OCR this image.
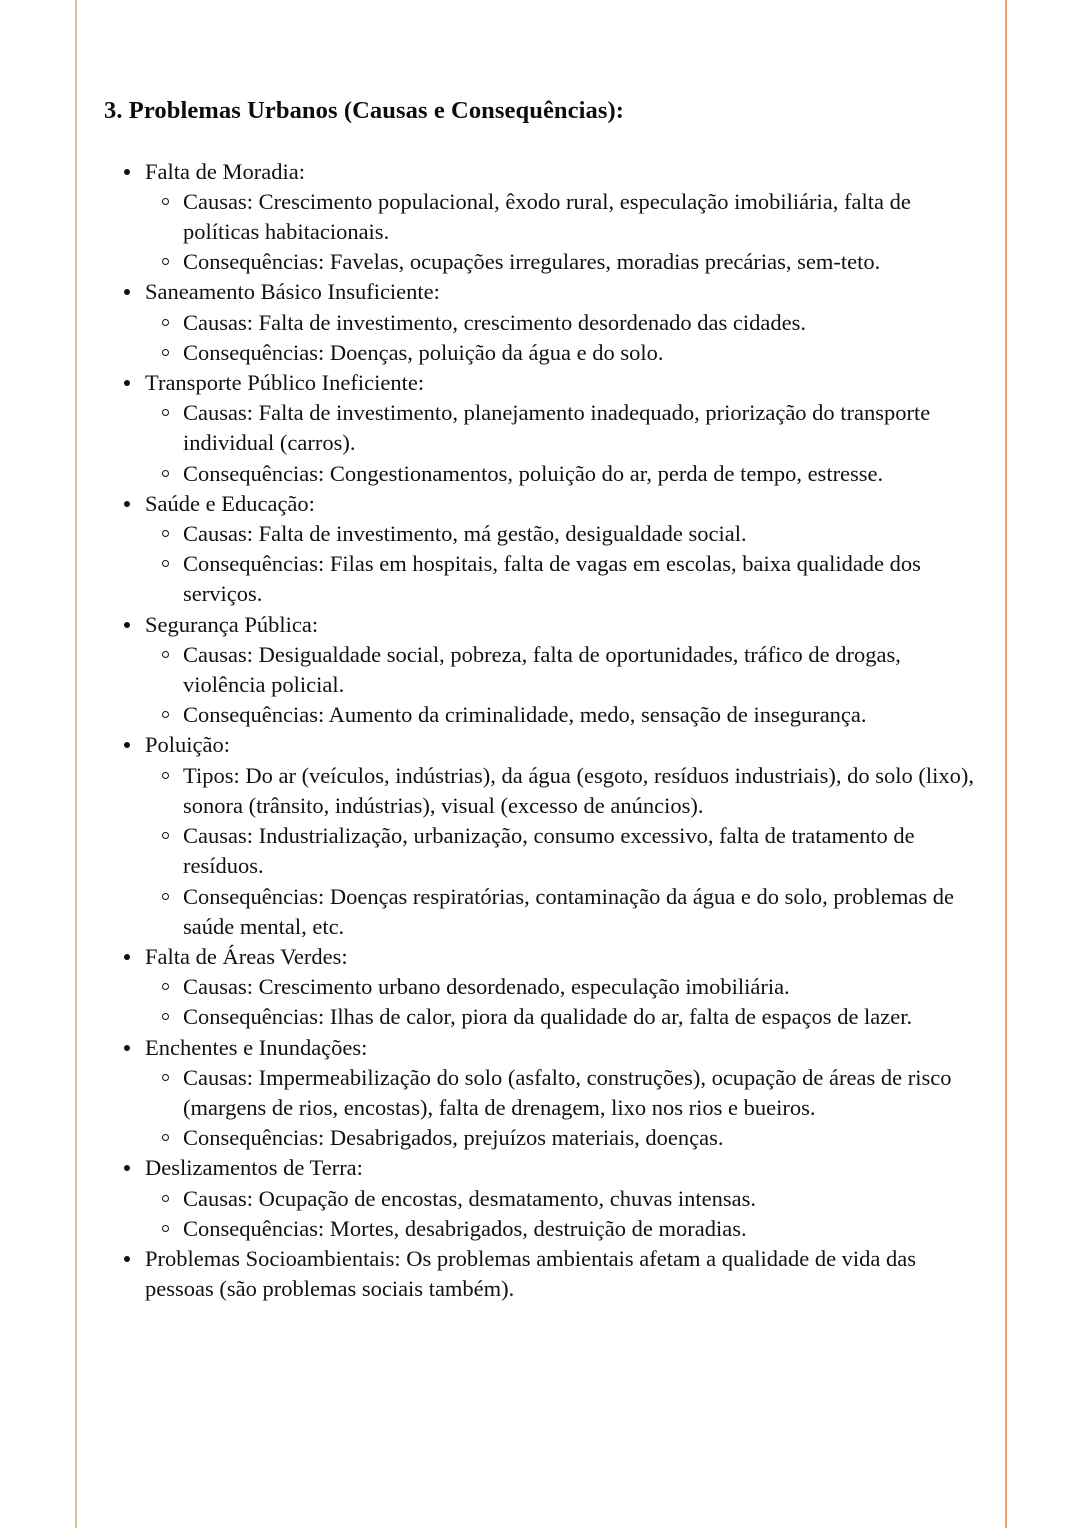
3. Problemas Urbanos (Causas e Consequências):
Falta de Moradia:
Causas: Crescimento populacional, êxodo rural, especulação imobiliária, falta de políticas habitacionais.
Consequências: Favelas, ocupações irregulares, moradias precárias, sem-teto.
Saneamento Básico Insuficiente:
Causas: Falta de investimento, crescimento desordenado das cidades.
Consequências: Doenças, poluição da água e do solo.
Transporte Público Ineficiente:
Causas: Falta de investimento, planejamento inadequado, priorização do transporte individual (carros).
Consequências: Congestionamentos, poluição do ar, perda de tempo, estresse.
Saúde e Educação:
Causas: Falta de investimento, má gestão, desigualdade social.
Consequências: Filas em hospitais, falta de vagas em escolas, baixa qualidade dos serviços.
Segurança Pública:
Causas: Desigualdade social, pobreza, falta de oportunidades, tráfico de drogas, violência policial.
Consequências: Aumento da criminalidade, medo, sensação de insegurança.
Poluição:
Tipos: Do ar (veículos, indústrias), da água (esgoto, resíduos industriais), do solo (lixo), sonora (trânsito, indústrias), visual (excesso de anúncios).
Causas: Industrialização, urbanização, consumo excessivo, falta de tratamento de resíduos.
Consequências: Doenças respiratórias, contaminação da água e do solo, problemas de saúde mental, etc.
Falta de Áreas Verdes:
Causas: Crescimento urbano desordenado, especulação imobiliária.
Consequências: Ilhas de calor, piora da qualidade do ar, falta de espaços de lazer.
Enchentes e Inundações:
Causas: Impermeabilização do solo (asfalto, construções), ocupação de áreas de risco (margens de rios, encostas), falta de drenagem, lixo nos rios e bueiros.
Consequências: Desabrigados, prejuízos materiais, doenças.
Deslizamentos de Terra:
Causas: Ocupação de encostas, desmatamento, chuvas intensas.
Consequências: Mortes, desabrigados, destruição de moradias.
Problemas Socioambientais: Os problemas ambientais afetam a qualidade de vida das pessoas (são problemas sociais também).
